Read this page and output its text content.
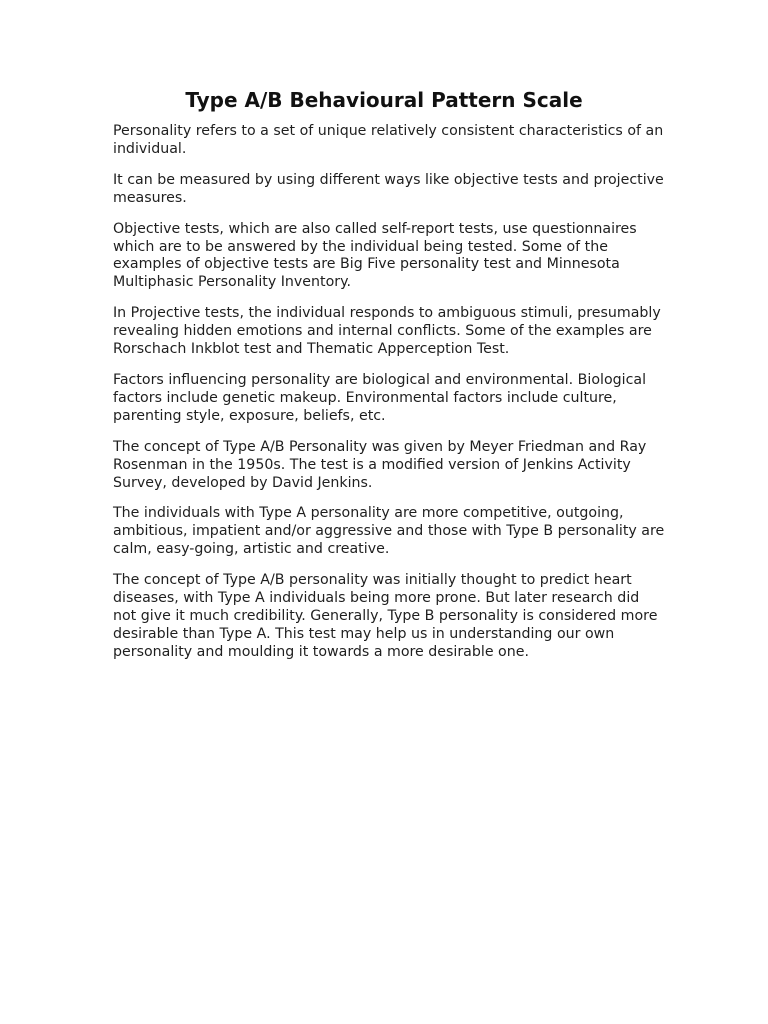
Type A/B Behavioural Pattern Scale

Personality refers to a set of unique relatively consistent characteristics of an individual.

It can be measured by using different ways like objective tests and projective measures.

Objective tests, which are also called self-report tests, use questionnaires which are to be answered by the individual being tested. Some of the examples of objective tests are Big Five personality test and Minnesota Multiphasic Personality Inventory.

In Projective tests, the individual responds to ambiguous stimuli, presumably revealing hidden emotions and internal conflicts. Some of the examples are Rorschach Inkblot test and Thematic Apperception Test.

Factors influencing personality are biological and environmental. Biological factors include genetic makeup. Environmental factors include culture, parenting style, exposure, beliefs, etc.

The concept of Type A/B Personality was given by Meyer Friedman and Ray Rosenman in the 1950s. The test is a modified version of Jenkins Activity Survey, developed by David Jenkins.

The individuals with Type A personality are more competitive, outgoing, ambitious, impatient and/or aggressive and those with Type B personality are calm, easy-going, artistic and creative.

The concept of Type A/B personality was initially thought to predict heart diseases, with Type A individuals being more prone. But later research did not give it much credibility. Generally, Type B personality is considered more desirable than Type A. This test may help us in understanding our own personality and moulding it towards a more desirable one.
